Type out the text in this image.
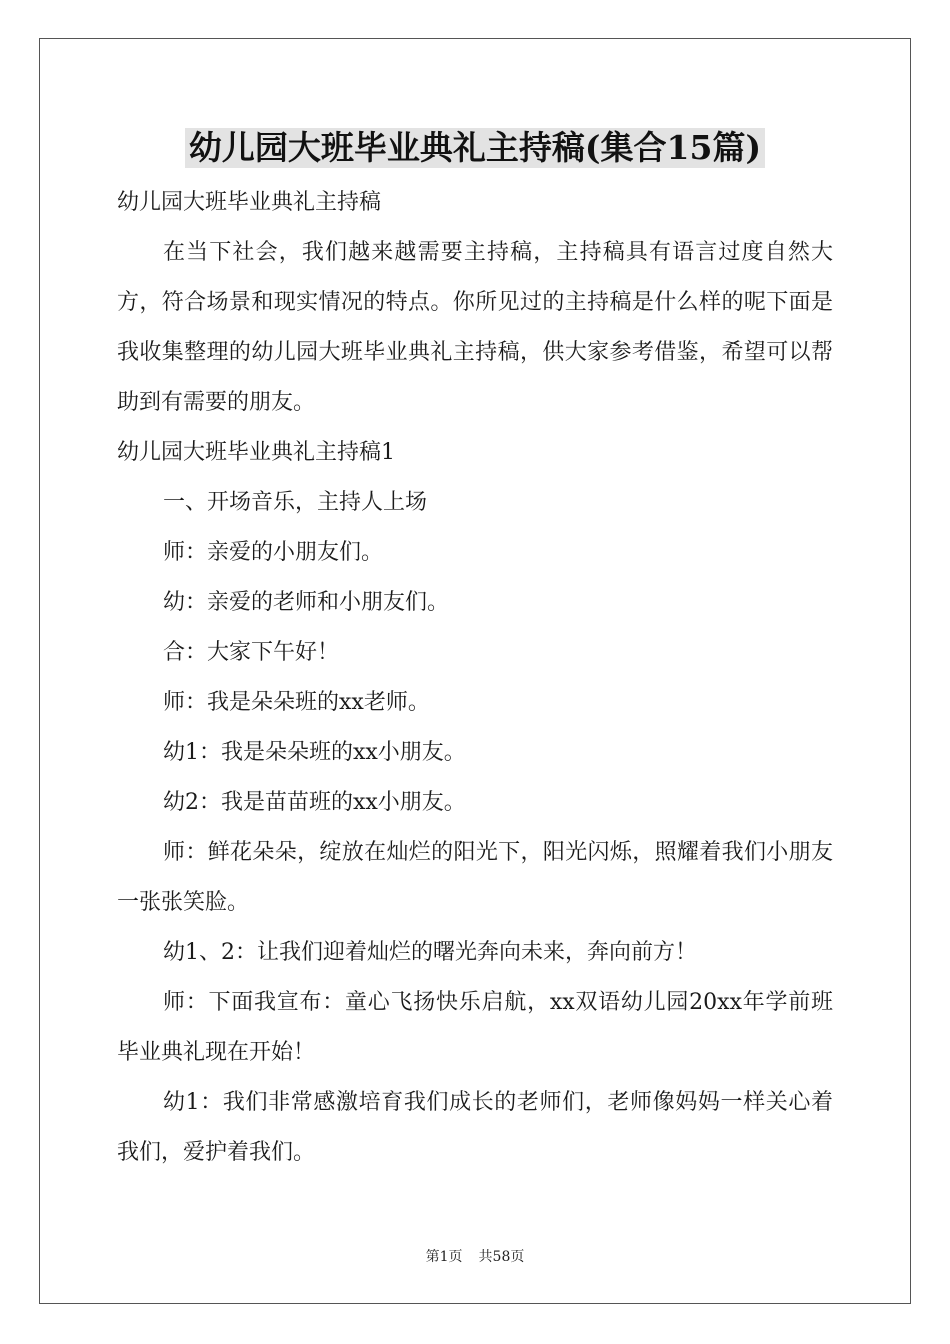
幼儿园大班毕业典礼主持稿(集合15篇)

幼儿园大班毕业典礼主持稿

在当下社会，我们越来越需要主持稿，主持稿具有语言过度自然大方，符合场景和现实情况的特点。你所见过的主持稿是什么样的呢下面是我收集整理的幼儿园大班毕业典礼主持稿，供大家参考借鉴，希望可以帮助到有需要的朋友。

幼儿园大班毕业典礼主持稿1

一、开场音乐，主持人上场

师：亲爱的小朋友们。

幼：亲爱的老师和小朋友们。

合：大家下午好！

师：我是朵朵班的xx老师。

幼1：我是朵朵班的xx小朋友。

幼2：我是苗苗班的xx小朋友。

师：鲜花朵朵，绽放在灿烂的阳光下，阳光闪烁，照耀着我们小朋友一张张笑脸。

幼1、2：让我们迎着灿烂的曙光奔向未来，奔向前方！

师：下面我宣布：童心飞扬快乐启航，xx双语幼儿园20xx年学前班毕业典礼现在开始！

幼1：我们非常感激培育我们成长的老师们，老师像妈妈一样关心着我们，爱护着我们。

第1页 共58页
